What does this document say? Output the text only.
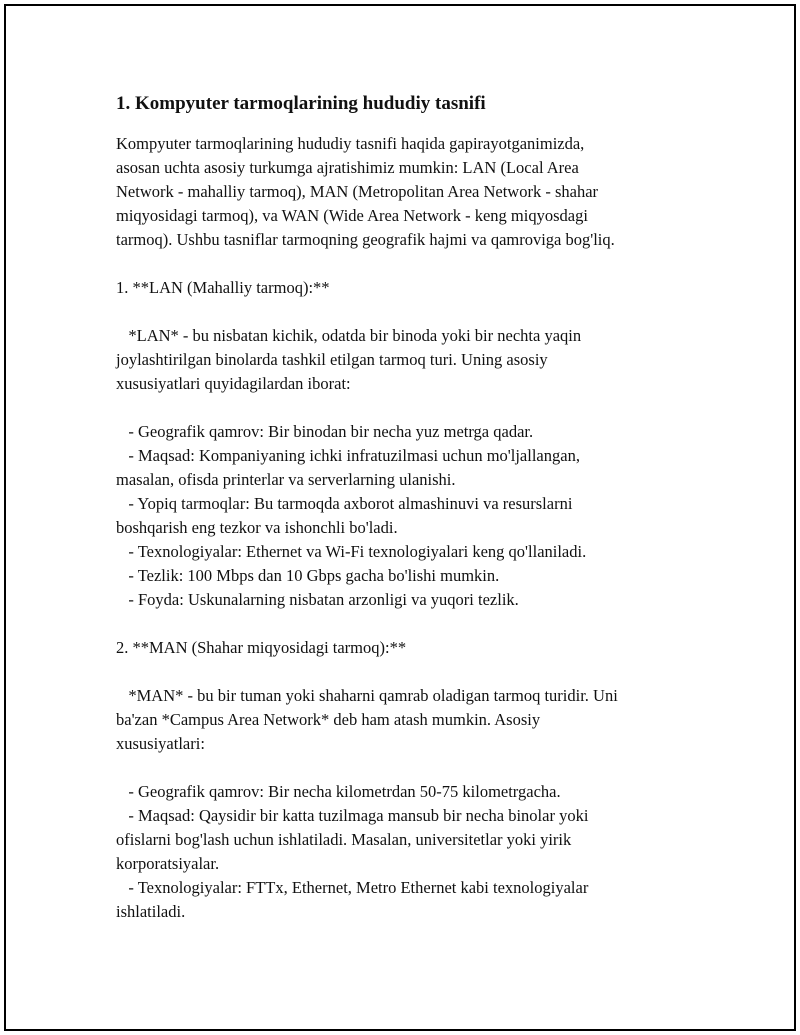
1. Kompyuter tarmoqlarining hududiy tasnifi

Kompyuter tarmoqlarining hududiy tasnifi haqida gapirayotganimizda,

asosan uchta asosiy turkumga ajratishimiz mumkin: LAN (Local Area

Network - mahalliy tarmoq), MAN (Metropolitan Area Network - shahar

miqyosidagi tarmoq), va WAN (Wide Area Network - keng miqyosdagi

tarmoq). Ushbu tasniflar tarmoqning geografik hajmi va qamroviga bog'liq.

1. **LAN (Mahalliy tarmoq):**

*LAN* - bu nisbatan kichik, odatda bir binoda yoki bir nechta yaqin

joylashtirilgan binolarda tashkil etilgan tarmoq turi. Uning asosiy

xususiyatlari quyidagilardan iborat:

- Geografik qamrov: Bir binodan bir necha yuz metrga qadar.

- Maqsad: Kompaniyaning ichki infratuzilmasi uchun mo'ljallangan,

masalan, ofisda printerlar va serverlarning ulanishi.

- Yopiq tarmoqlar: Bu tarmoqda axborot almashinuvi va resurslarni

boshqarish eng tezkor va ishonchli bo'ladi.

- Texnologiyalar: Ethernet va Wi-Fi texnologiyalari keng qo'llaniladi.

- Tezlik: 100 Mbps dan 10 Gbps gacha bo'lishi mumkin.

- Foyda: Uskunalarning nisbatan arzonligi va yuqori tezlik.

2. **MAN (Shahar miqyosidagi tarmoq):**

*MAN* - bu bir tuman yoki shaharni qamrab oladigan tarmoq turidir. Uni

ba'zan *Campus Area Network* deb ham atash mumkin. Asosiy

xususiyatlari:

- Geografik qamrov: Bir necha kilometrdan 50-75 kilometrgacha.

- Maqsad: Qaysidir bir katta tuzilmaga mansub bir necha binolar yoki

ofislarni bog'lash uchun ishlatiladi. Masalan, universitetlar yoki yirik

korporatsiyalar.

- Texnologiyalar: FTTx, Ethernet, Metro Ethernet kabi texnologiyalar

ishlatiladi.
